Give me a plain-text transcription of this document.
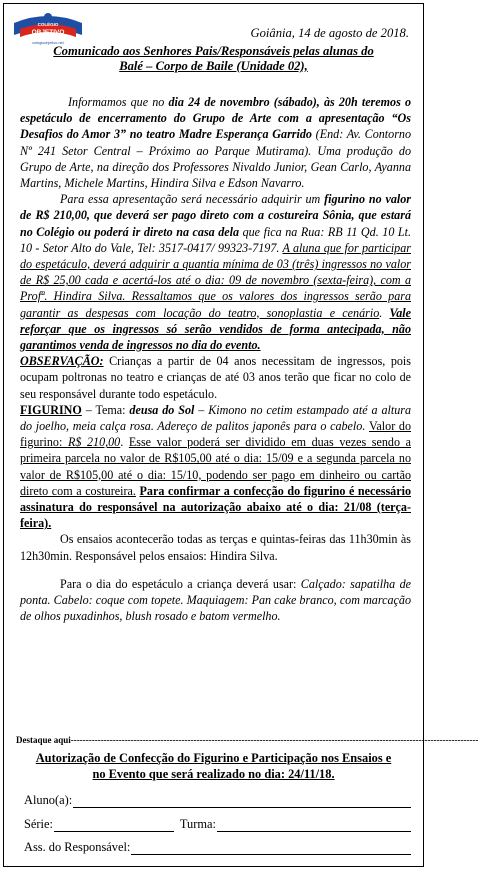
COLÉGIO
OBJETIVO
colegioobjetivo.net
Goiânia, 14 de agosto de 2018.
Comunicado aos Senhores Pais/Responsáveis pelas alunas do
Balé – Corpo de Baile (Unidade 02),

Informamos que no dia 24 de novembro (sábado), às 20h teremos o espetáculo de encerramento do Grupo de Arte com a apresentação “Os Desafios do Amor 3” no teatro Madre Esperança Garrido (End: Av. Contorno Nº 241 Setor Central – Próximo ao Parque Mutirama). Uma produção do Grupo de Arte, na direção dos Professores Nivaldo Junior, Gean Carlo, Ayanna Martins, Michele Martins, Hindira Silva e Edson Navarro.

Para essa apresentação será necessário adquirir um figurino no valor de R$ 210,00, que deverá ser pago direto com a costureira Sônia, que estará no Colégio ou poderá ir direto na casa dela que fica na Rua: RB 11 Qd. 10 Lt. 10 - Setor Alto do Vale, Tel: 3517-0417/ 99323-7197. A aluna que for participar do espetáculo, deverá adquirir a quantia mínima de 03 (três) ingressos no valor de R$ 25,00 cada e acertá-los até o dia: 09 de novembro (sexta-feira), com a Profª. Hindira Silva. Ressaltamos que os valores dos ingressos serão para garantir as despesas com locação do teatro, sonoplastia e cenário. Vale reforçar que os ingressos só serão vendidos de forma antecipada, não garantimos venda de ingressos no dia do evento.

OBSERVAÇÃO: Crianças a partir de 04 anos necessitam de ingressos, pois ocupam poltronas no teatro e crianças de até 03 anos terão que ficar no colo de seu responsável durante todo espetáculo.

FIGURINO – Tema: deusa do Sol – Kimono no cetim estampado até a altura do joelho, meia calça rosa. Adereço de palitos japonês para o cabelo. Valor do figurino: R$ 210,00. Esse valor poderá ser dividido em duas vezes sendo a primeira parcela no valor de R$105,00 até o dia: 15/09 e a segunda parcela no valor de R$105,00 até o dia: 15/10, podendo ser pago em dinheiro ou cartão direto com a costureira. Para confirmar a confecção do figurino é necessário assinatura do responsável na autorização abaixo até o dia: 21/08 (terça-feira).

Os ensaios acontecerão todas as terças e quintas-feiras das 11h30min às 12h30min. Responsável pelos ensaios: Hindira Silva.

Para o dia do espetáculo a criança deverá usar: Calçado: sapatilha de ponta. Cabelo: coque com topete. Maquiagem: Pan cake branco, com marcação de olhos puxadinhos, blush rosado e batom vermelho.

Destaque aqui----------------------------------------------------------------------------------------------------------------------------------------
Autorização de Confecção do Figurino e Participação nos Ensaios e
no Evento que será realizado no dia: 24/11/18.
Aluno(a):
Série:	Turma:
Ass. do Responsável:
